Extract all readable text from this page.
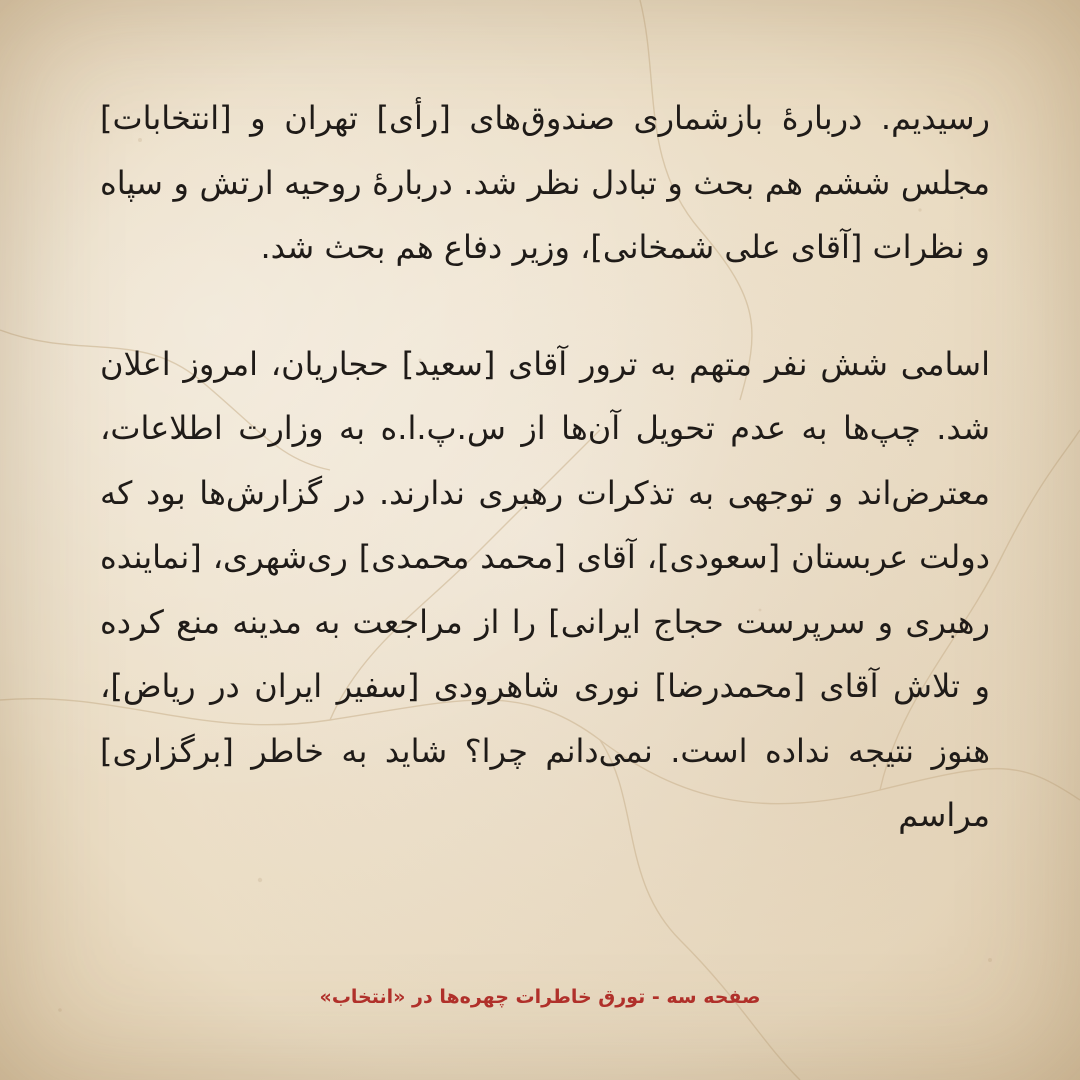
رسیدیم. دربارهٔ بازشماری صندوق‌های [رأی] تهران و [انتخابات] مجلس ششم هم بحث و تبادل نظر شد. دربارهٔ روحیه ارتش و سپاه و نظرات [آقای علی شمخانی]، وزیر دفاع هم بحث شد.

اسامی شش نفر متهم به ترور آقای [سعید] حجاریان، امروز اعلان شد. چپ‌ها به عدم تحویل آن‌ها از س.پ.ا.ه به وزارت اطلاعات، معترض‌اند و توجهی به تذکرات رهبری ندارند. در گزارش‌ها بود که دولت عربستان [سعودی]، آقای [محمد محمدی] ری‌شهری، [نماینده رهبری و سرپرست حجاج ایرانی] را از مراجعت به مدینه منع کرده و تلاش آقای [محمدرضا] نوری شاهرودی [سفیر ایران در ریاض]، هنوز نتیجه نداده است. نمی‌دانم چرا؟ شاید به خاطر [برگزاری] مراسم

صفحه سه - تورق خاطرات چهره‌ها در «انتخاب»
